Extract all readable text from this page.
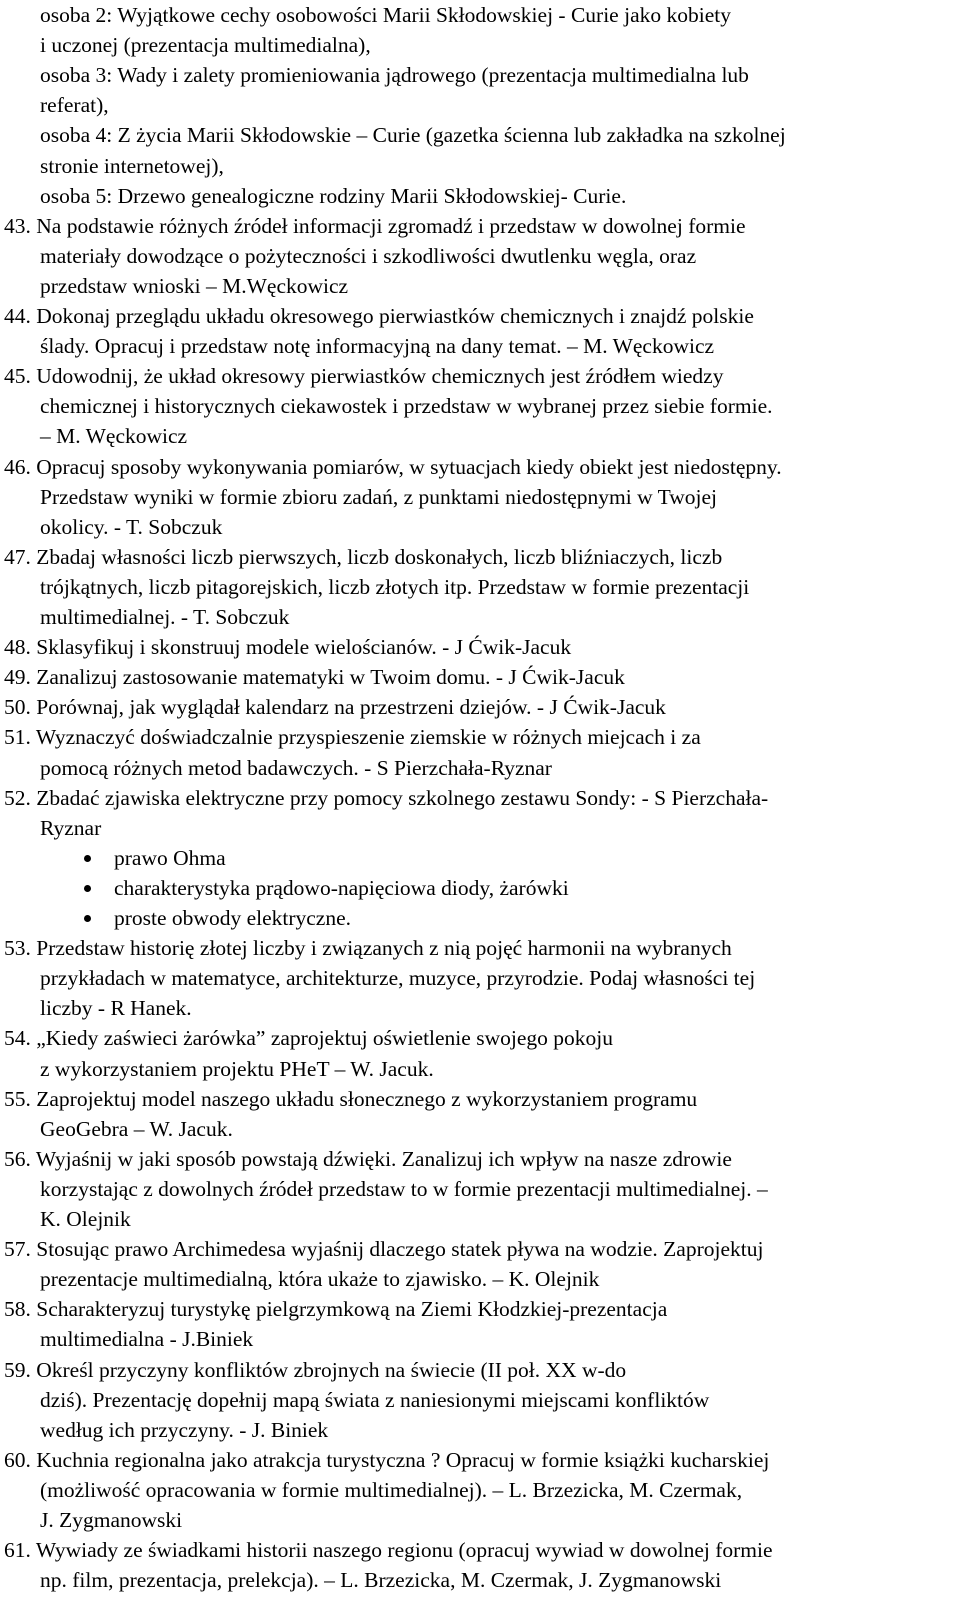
osoba 2: Wyjątkowe cechy osobowości Marii Skłodowskiej - Curie jako kobiety
i uczonej (prezentacja multimedialna),
osoba 3: Wady i zalety promieniowania jądrowego (prezentacja multimedialna lub
referat),
osoba 4: Z życia Marii Skłodowskie – Curie (gazetka ścienna lub zakładka na szkolnej
stronie internetowej),
osoba 5: Drzewo genealogiczne rodziny Marii Skłodowskiej- Curie.
43. Na podstawie różnych źródeł informacji zgromadź i przedstaw w dowolnej formie
materiały dowodzące o pożyteczności i szkodliwości dwutlenku węgla, oraz
przedstaw wnioski – M.Węckowicz
44. Dokonaj przeglądu układu okresowego pierwiastków chemicznych i znajdź polskie
ślady. Opracuj i przedstaw notę informacyjną na dany temat. – M. Węckowicz
45. Udowodnij, że układ okresowy pierwiastków chemicznych jest źródłem wiedzy
chemicznej i historycznych ciekawostek i przedstaw w wybranej przez siebie formie.
– M. Węckowicz
46. Opracuj sposoby wykonywania pomiarów, w sytuacjach kiedy obiekt jest niedostępny.
Przedstaw wyniki w formie zbioru zadań, z punktami niedostępnymi w Twojej
okolicy. - T. Sobczuk
47. Zbadaj własności liczb pierwszych, liczb doskonałych, liczb bliźniaczych, liczb
trójkątnych, liczb pitagorejskich, liczb złotych itp. Przedstaw w formie prezentacji
multimedialnej. - T. Sobczuk
48. Sklasyfikuj i skonstruuj modele wielościanów. - J Ćwik-Jacuk
49. Zanalizuj zastosowanie matematyki w Twoim domu. - J Ćwik-Jacuk
50. Porównaj, jak wyglądał kalendarz na przestrzeni dziejów. - J Ćwik-Jacuk
51. Wyznaczyć doświadczalnie przyspieszenie ziemskie w różnych miejcach i za
pomocą różnych metod badawczych. - S Pierzchała-Ryznar
52. Zbadać zjawiska elektryczne przy pomocy szkolnego zestawu Sondy: - S Pierzchała-
Ryznar
prawo Ohma
charakterystyka prądowo-napięciowa diody, żarówki
proste obwody elektryczne.
53. Przedstaw historię złotej liczby i związanych z nią pojęć harmonii na wybranych
przykładach w matematyce, architekturze, muzyce, przyrodzie. Podaj własności tej
liczby - R Hanek.
54. „Kiedy zaświeci żarówka” zaprojektuj oświetlenie swojego pokoju
z wykorzystaniem projektu PHeT – W. Jacuk.
55. Zaprojektuj model naszego układu słonecznego z wykorzystaniem programu
GeoGebra – W. Jacuk.
56. Wyjaśnij w jaki sposób powstają dźwięki. Zanalizuj ich wpływ na nasze zdrowie
korzystając z dowolnych źródeł przedstaw to w formie prezentacji multimedialnej. –
K. Olejnik
57. Stosując prawo Archimedesa wyjaśnij dlaczego statek pływa na wodzie. Zaprojektuj
prezentacje multimedialną, która ukaże to zjawisko. – K. Olejnik
58. Scharakteryzuj turystykę pielgrzymkową na Ziemi Kłodzkiej-prezentacja
multimedialna - J.Biniek
59. Określ przyczyny konfliktów zbrojnych na świecie (II poł. XX w-do
dziś). Prezentację dopełnij mapą świata z naniesionymi miejscami konfliktów
według ich przyczyny. - J. Biniek
60. Kuchnia regionalna jako atrakcja turystyczna ? Opracuj w formie książki kucharskiej
(możliwość opracowania w formie multimedialnej). – L. Brzezicka, M. Czermak,
J. Zygmanowski
61. Wywiady ze świadkami historii naszego regionu (opracuj wywiad w dowolnej formie
np. film, prezentacja, prelekcja). – L. Brzezicka, M. Czermak, J. Zygmanowski
